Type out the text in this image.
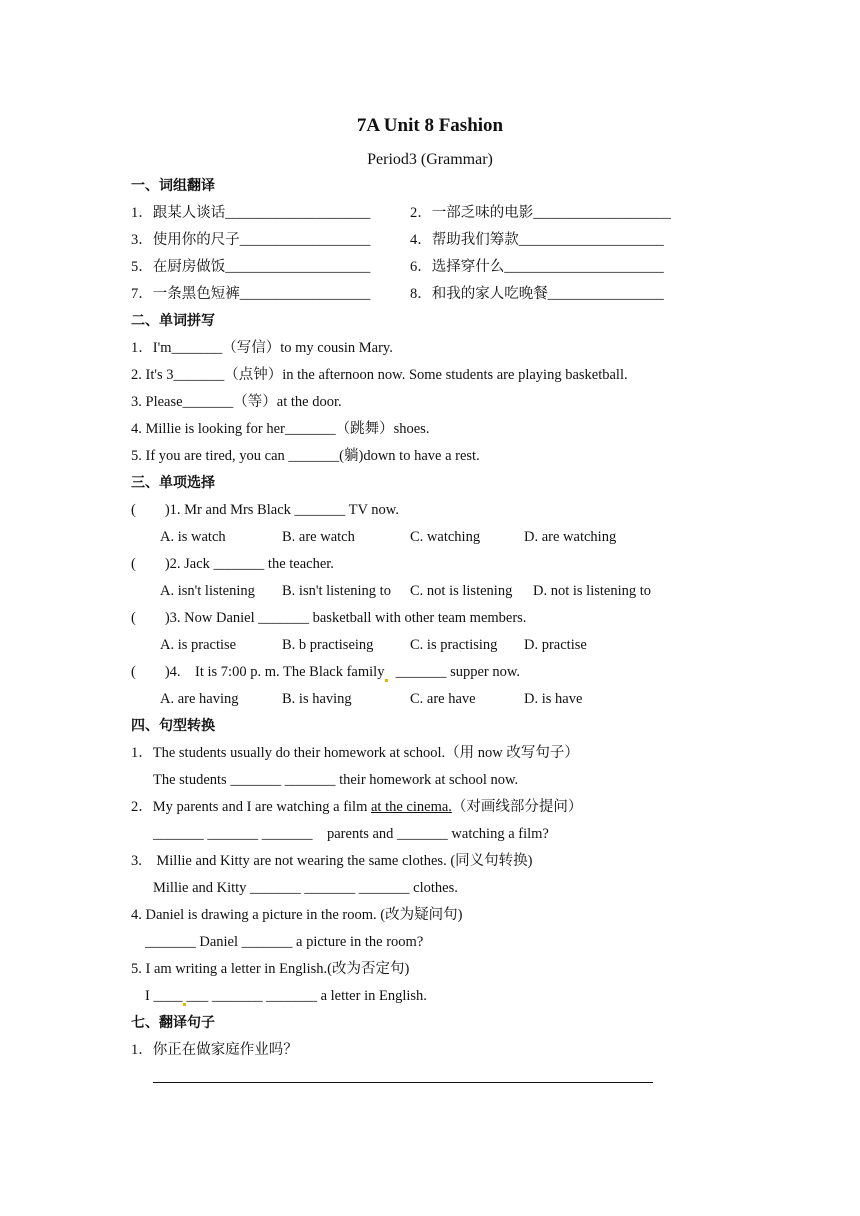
7A Unit 8 Fashion
Period3 (Grammar)
一、词组翻译
1．跟某人谈话____________________	2．一部乏味的电影___________________
3．使用你的尺子__________________	4．帮助我们筹款____________________
5．在厨房做饭____________________	6．选择穿什么______________________
7．一条黑色短裤__________________	8．和我的家人吃晚餐________________
二、单词拼写
1．I'm_______（写信）to my cousin Mary.
2. It's 3_______（点钟）in the afternoon now. Some students are playing basketball.
3. Please_______（等）at the door.
4. Millie is looking for her_______（跳舞）shoes.
5. If you are tired, you can _______(躺)down to have a rest.
三、单项选择
(        )1. Mr and Mrs Black _______ TV now.
A. is watch	B. are watch	C. watching	D. are watching
(        )2. Jack _______ the teacher.
A. isn't listening B. isn't listening to C. not is listening D. not is listening to
(        )3. Now Daniel _______ basketball with other team members.
A. is practise	B. b practiseing	C. is practising D. practise
(        )4.    It is 7:00 p. m. The Black family  _______ supper now.
A. are having	B. is having	C. are have	D. is have
四、句型转换
1．The students usually do their homework at school.（用 now 改写句子）
The students _______ _______ their homework at school now.
2．My parents and I are watching a film at the cinema.（对画线部分提问）
_______ _______ _______    parents and _______ watching a film?
3.    Millie and Kitty are not wearing the same clothes. (同义句转换)
Millie and Kitty _______ _______ _______ clothes.
4. Daniel is drawing a picture in the room. (改为疑问句)
_______ Daniel _______ a picture in the room?
5. I am writing a letter in English.(改为否定句)
I ____ ___ _______ _______ a letter in English.
七、翻译句子
1．你正在做家庭作业吗？
